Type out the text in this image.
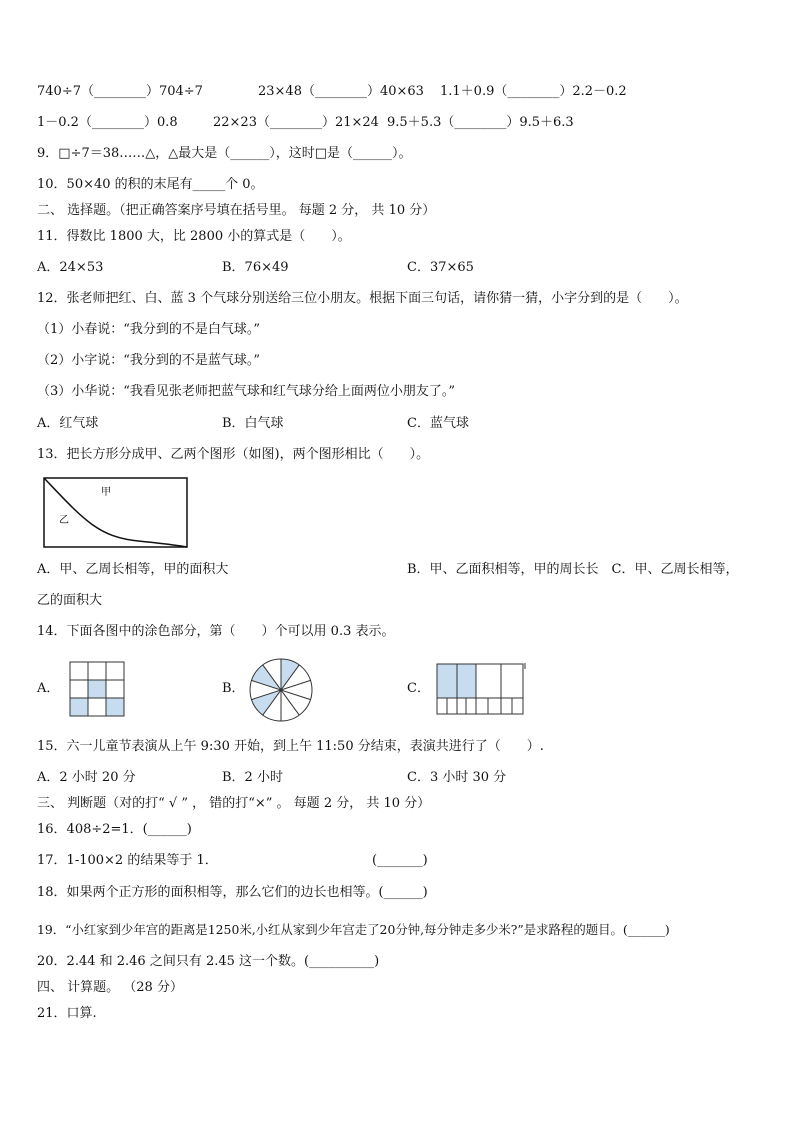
740÷7（________）704÷7	23×48（________）40×63 1.1＋0.9（________）2.2－0.2
1－0.2（________）0.8	22×23（________）21×24 9.5＋5.3（________）9.5＋6.3
9．□÷7＝38……△，△最大是（______），这时□是（______）。
10．50×40 的积的末尾有_____个 0。
二、 选择题。（把正确答案序号填在括号里。 每题 2 分， 共 10 分）
11．得数比 1800 大，比 2800 小的算式是（　　）。
A．24×53	B．76×49	C．37×65
12．张老师把红、白、蓝 3 个气球分别送给三位小朋友。根据下面三句话，请你猜一猜，小字分到的是（　　）。
（1）小春说：“我分到的不是白气球。”
（2）小字说：“我分到的不是蓝气球。”
（3）小华说：“我看见张老师把蓝气球和红气球分给上面两位小朋友了。”
A．红气球	B．白气球	C．蓝气球
13．把长方形分成甲、乙两个图形（如图)，两个图形相比（　　）。
甲
乙
A．甲、乙周长相等，甲的面积大	B．甲、乙面积相等，甲的周长长　C．甲、乙周长相等，
乙的面积大
14．下面各图中的涂色部分，第（　　）个可以用 0.3 表示。
A．	B．	C．
15．六一儿童节表演从上午 9:30 开始，到上午 11:50 分结束，表演共进行了（　　）.
A．2 小时 20 分	B．2 小时	C．3 小时 30 分
三、 判断题（对的打“ √ ” ， 错的打“×” 。 每题 2 分， 共 10 分）
16．408÷2=1．(______)
17．1-100×2 的结果等于 1．	(_______)
18．如果两个正方形的面积相等，那么它们的边长也相等。(______)
19．“小红家到少年宫的距离是1250米,小红从家到少年宫走了20分钟,每分钟走多少米?”是求路程的题目。(______)
20．2.44 和 2.46 之间只有 2.45 这一个数。(__________)
四、 计算题。 （28 分）
21．口算.
